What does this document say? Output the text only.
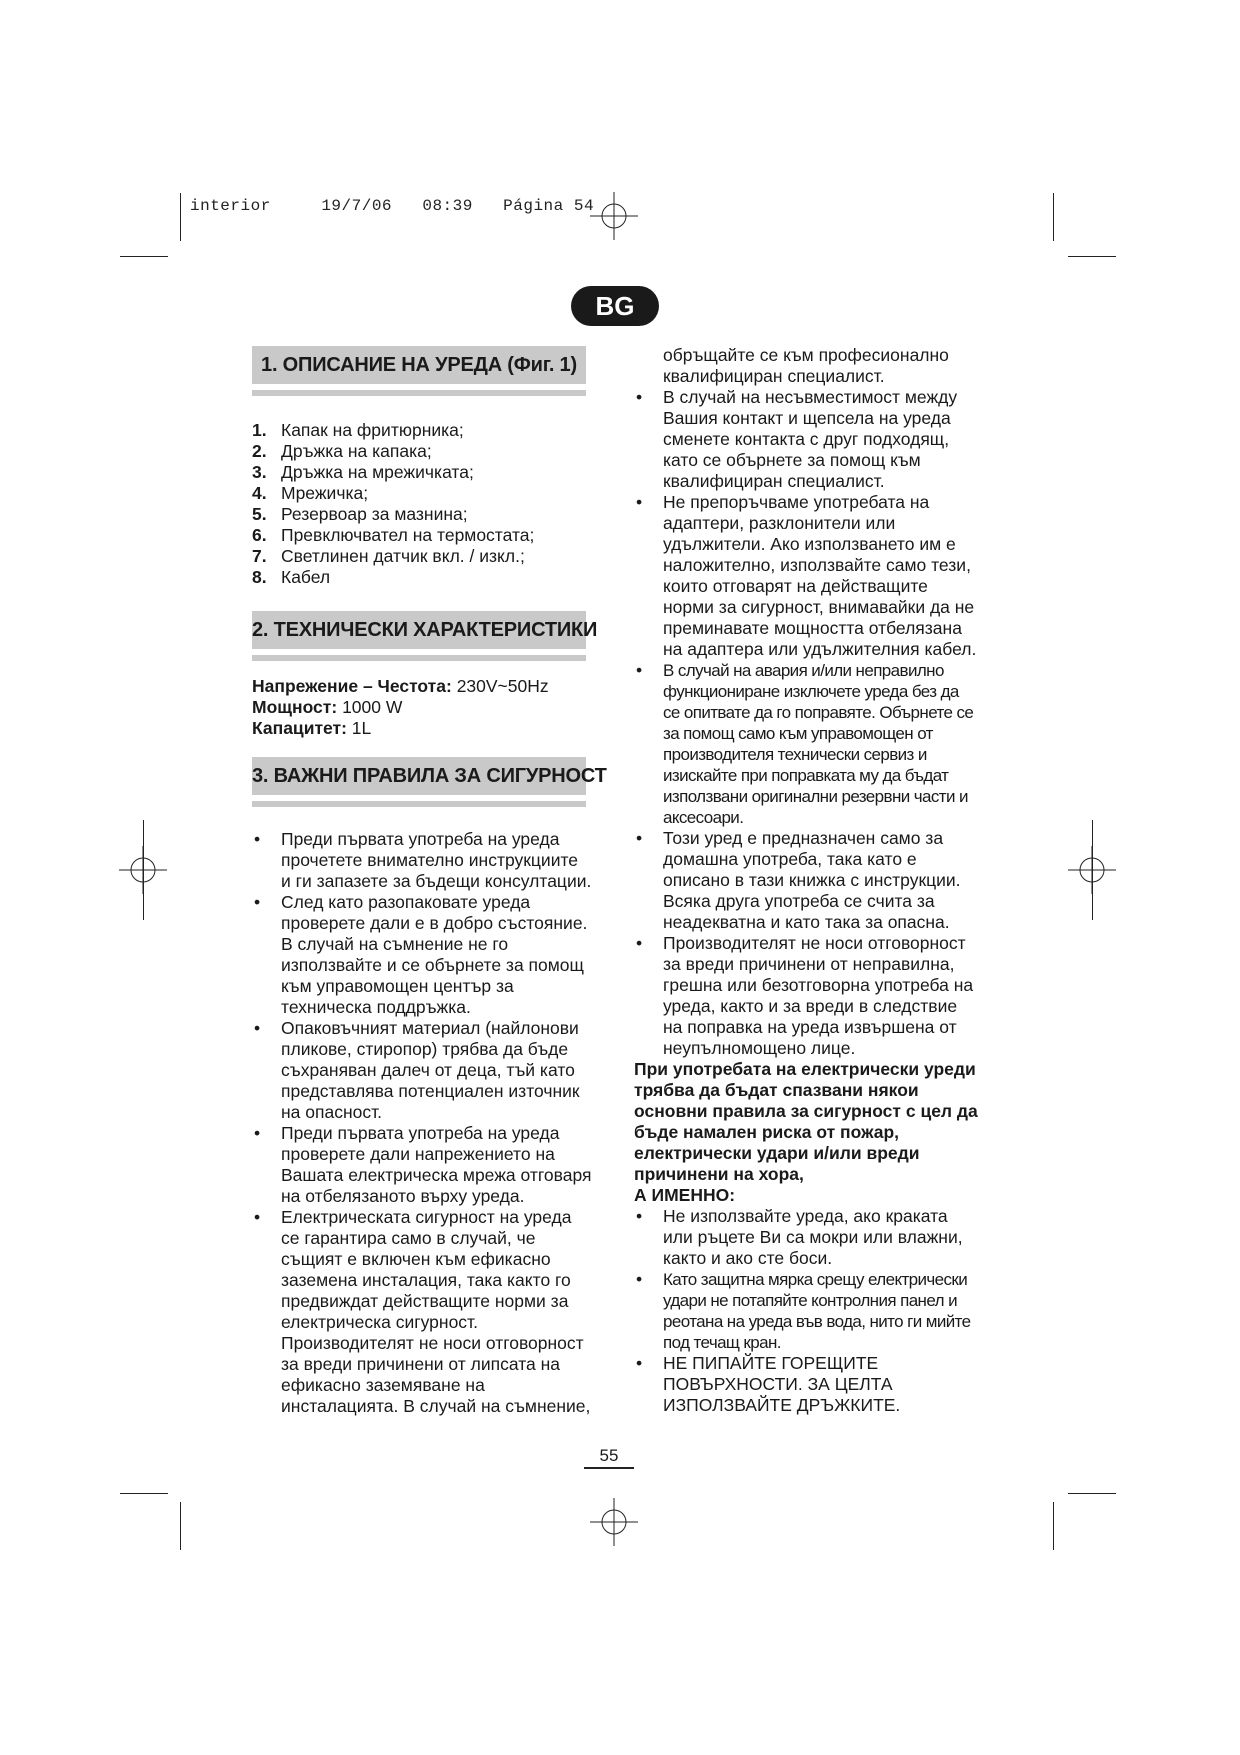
interior     19/7/06   08:39   Página 54
BG
1. ОПИСАНИЕ НА УРЕДА (Фиг. 1)
1. Капак на фритюрника;
2. Дръжка на капака;
3. Дръжка на мрежичката;
4. Мрежичка;
5. Резервоар за мазнина;
6. Превключвател на термостата;
7. Светлинен датчик вкл. / изкл.;
8. Кабел
2. ТЕХНИЧЕСКИ ХАРАКТЕРИСТИКИ
Напрежение – Честота: 230V~50Hz
Мощност: 1000 W
Капацитет: 1L
3. ВАЖНИ ПРАВИЛА ЗА СИГУРНОСТ
•	Преди първата употреба на уреда прочетете внимателно инструкциите и ги запазете за бъдещи консултации.
•	След като разопаковате уреда проверете дали е в добро състояние. В случай на съмнение не го използвайте и се обърнете за помощ към упpавомощен център за техническа поддръжка.
•	Опаковъчният материал (найлонови пликове, стиропор) трябва да бъде съхраняван далеч от деца, тъй като представлява потенциален източник на опасност.
•	Преди първата употреба на уреда проверете дали напрежението на Вашата електрическа мрежа отговаря на отбелязаното върху уреда.
•	Електрическата сигурност на уреда се гарантира само в случай, че същият е включен към ефикасно заземена инсталация, така както го предвиждат действащите норми за електрическа сигурност. Производителят не носи отговорност за вреди причинени от липсата на ефикасно заземяване на инсталацията. В случай на съмнение,
обръщайте се към професионално квалифициран специалист.
•	В случай на несъвместимост между Вашия контакт и щепсела на уреда сменете контакта с друг подходящ, като се обърнете за помощ към квалифициран специалист.
•	Не препоръчваме употребата на адаптери, разклонители или удължители. Ако използването им е наложително, използвайте само тези, които отговарят на действащите норми за сигурност, внимавайки да не преминавате мощността отбелязана на адаптера или удължителния кабел.
•	В случай на авария и/или неправилно функциониране изключете уреда без да се опитвате да го поправяте. Обърнете се за помощ само към упpавомощен от производителя технически сервиз и изискайте при поправката му да бъдат използвани оригинални резервни части и аксесоари.
•	Този уред е предназначен само за домашна употреба, така като е описано в тази книжка с инструкции. Всяка друга употреба се счита за неадекватна и като така за опасна.
•	Производителят не носи отговорност за вреди причинени от неправилна, грешна или безотговорна употреба на уреда, както и за вреди в следствие на поправка на уреда извършена от неупълномощено лице.
При употребата на електрически уреди трябва да бъдат спазвани някои основни правила за сигурност с цел да бъде намален риска от пожар, електрически удари и/или вреди причинени на хора,
А ИМЕННО:
•	Не използвайте уреда, ако краката или ръцете Ви са мокри или влажни, както и ако сте боси.
•	Като защитна мярка срещу електрически удари не потапяйте контролния панел и реотана на уреда във вода, нито ги мийте под течащ кран.
•	НЕ ПИПАЙТЕ ГОРЕЩИТЕ ПОВЪРХНОСТИ. ЗА ЦЕЛТА ИЗПОЛЗВАЙТЕ ДРЪЖКИТЕ.
55
